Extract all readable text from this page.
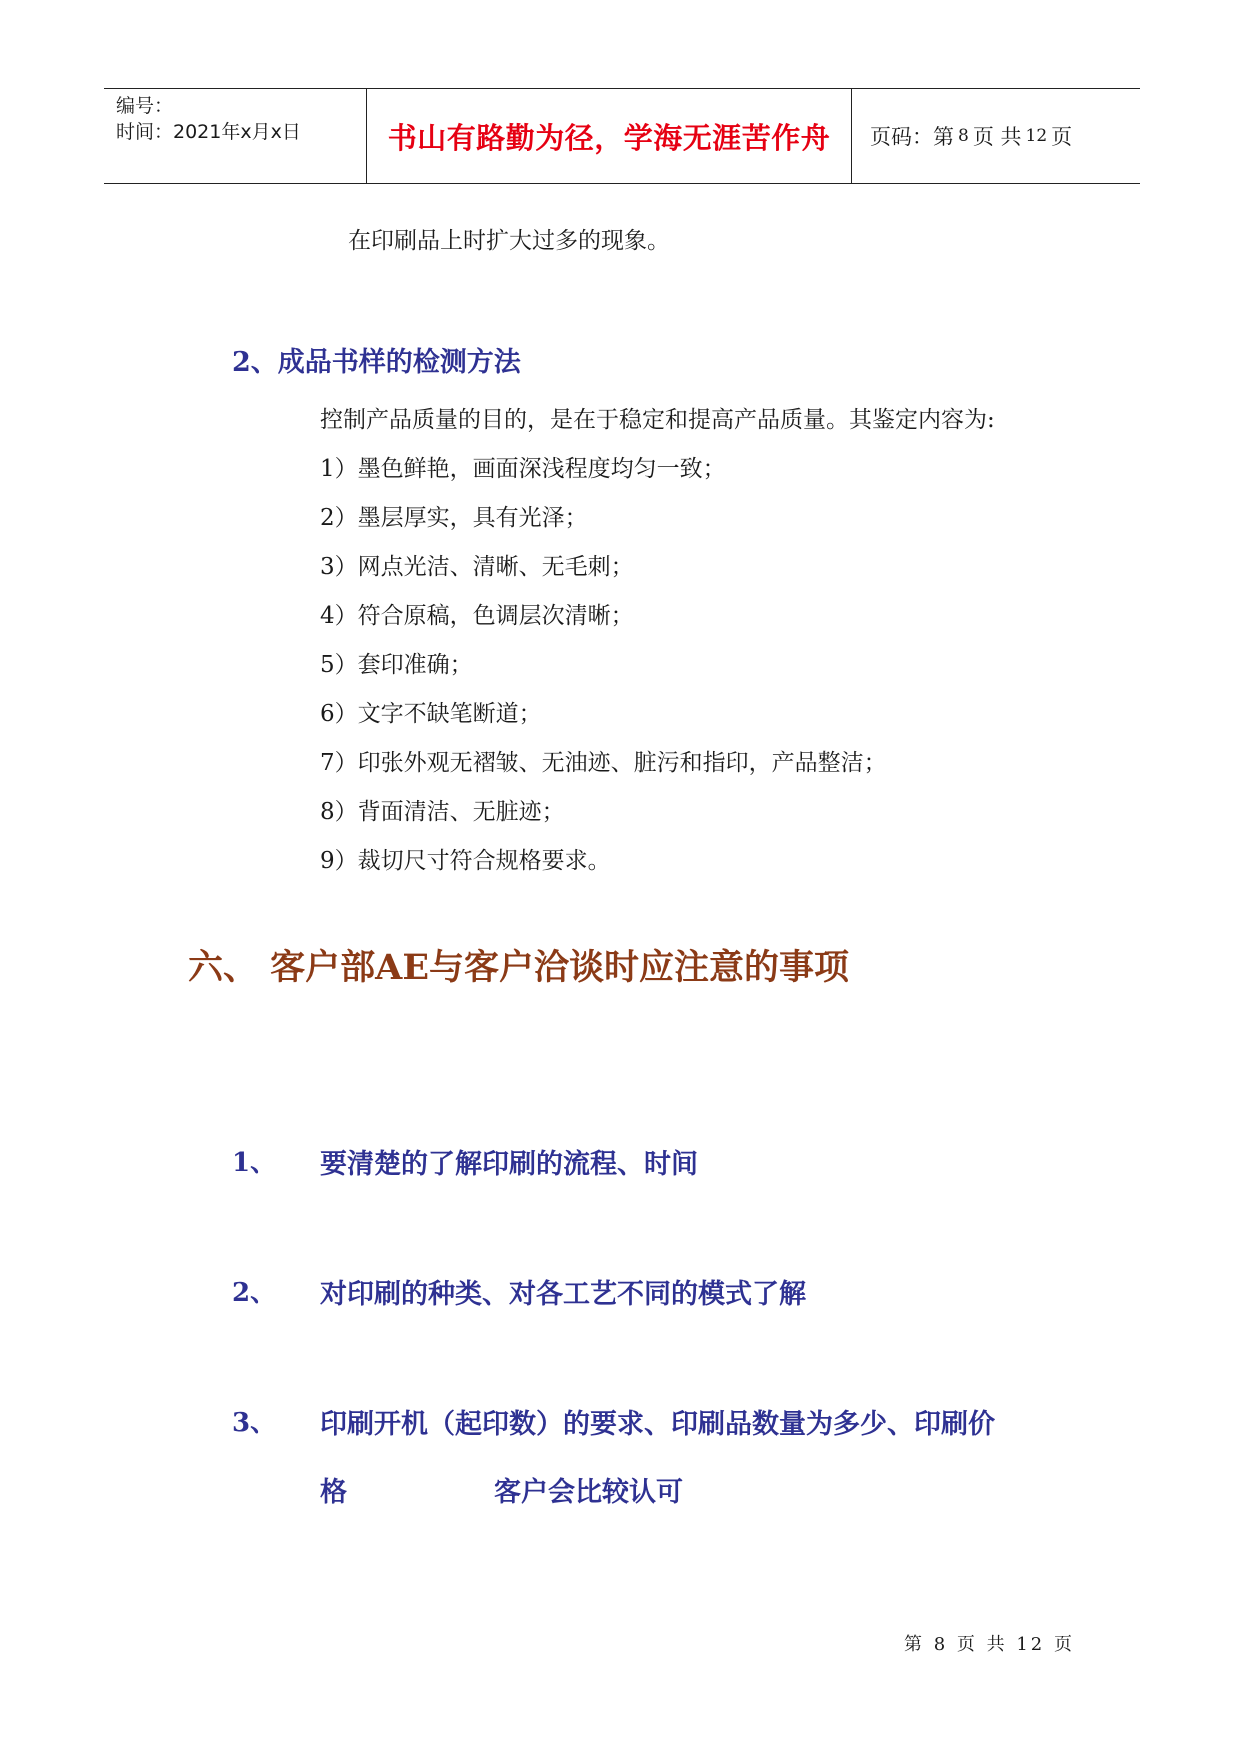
编号：
时间：2021年x月x日	书山有路勤为径，学海无涯苦作舟	页码：第 8 页 共 12 页
在印刷品上时扩大过多的现象。
2、成品书样的检测方法
控制产品质量的目的，是在于稳定和提高产品质量。其鉴定内容为:
1）墨色鲜艳，画面深浅程度均匀一致；
2）墨层厚实，具有光泽；
3）网点光洁、清晰、无毛刺；
4）符合原稿，色调层次清晰；
5）套印准确；
6）文字不缺笔断道；
7）印张外观无褶皱、无油迹、脏污和指印，产品整洁；
8）背面清洁、无脏迹；
9）裁切尺寸符合规格要求。
六、 客户部AE与客户洽谈时应注意的事项
1、 要清楚的了解印刷的流程、时间
2、 对印刷的种类、对各工艺不同的模式了解
3、 印刷开机（起印数）的要求、印刷品数量为多少、印刷价
格	客户会比较认可
第 8 页 共 12 页
